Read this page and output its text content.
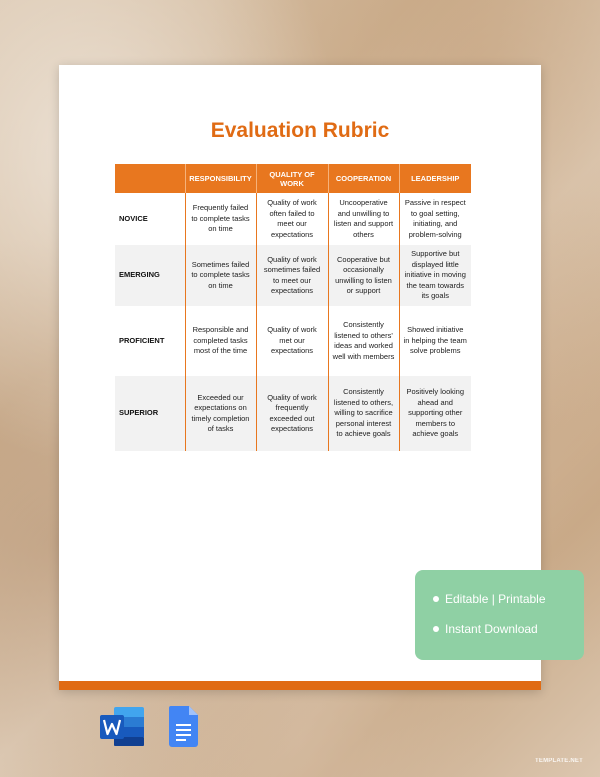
Evaluation Rubric
	RESPONSIBILITY	QUALITY OF WORK	COOPERATION	LEADERSHIP
NOVICE	Frequently failed to complete tasks on time	Quality of work often failed to meet our expectations	Uncooperative and unwilling to listen and support others	Passive in respect to goal setting, initiating, and problem-solving
EMERGING	Sometimes failed to complete tasks on time	Quality of work sometimes failed to meet our expectations	Cooperative but occasionally unwilling to listen or support	Supportive but displayed little initiative in moving the team towards its goals
PROFICIENT	Responsible and completed tasks most of the time	Quality of work met our expectations	Consistently listened to others' ideas and worked well with members	Showed initiative in helping the team solve problems
SUPERIOR	Exceeded our expectations on timely completion of tasks	Quality of work frequently exceeded out expectations	Consistently listened to others, willing to sacrifice personal interest to achieve goals	Positively looking ahead and supporting other members to achieve goals
Editable | Printable
Instant Download
TEMPLATE.NET
